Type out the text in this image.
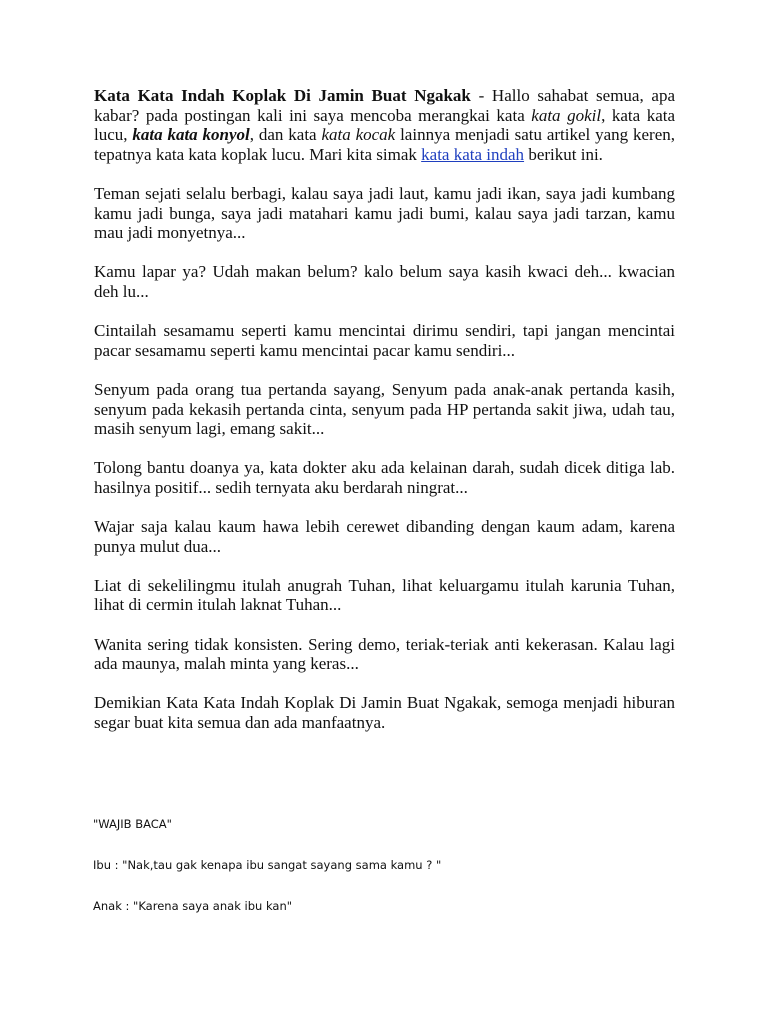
Kata Kata Indah Koplak Di Jamin Buat Ngakak - Hallo sahabat semua, apa kabar? pada postingan kali ini saya mencoba merangkai kata kata gokil, kata kata lucu, kata kata konyol, dan kata kata kocak lainnya menjadi satu artikel yang keren, tepatnya kata kata koplak lucu. Mari kita simak kata kata indah berikut ini.

Teman sejati selalu berbagi, kalau saya jadi laut, kamu jadi ikan, saya jadi kumbang kamu jadi bunga, saya jadi matahari kamu jadi bumi, kalau saya jadi tarzan, kamu mau jadi monyetnya...

Kamu lapar ya? Udah makan belum? kalo belum saya kasih kwaci deh... kwacian deh lu...

Cintailah sesamamu seperti kamu mencintai dirimu sendiri, tapi jangan mencintai pacar sesamamu seperti kamu mencintai pacar kamu sendiri...

Senyum pada orang tua pertanda sayang, Senyum pada anak-anak pertanda kasih, senyum pada kekasih pertanda cinta, senyum pada HP pertanda sakit jiwa, udah tau, masih senyum lagi, emang sakit...

Tolong bantu doanya ya, kata dokter aku ada kelainan darah, sudah dicek ditiga lab. hasilnya positif... sedih ternyata aku berdarah ningrat...

Wajar saja kalau kaum hawa lebih cerewet dibanding dengan kaum adam, karena punya mulut dua...

Liat di sekelilingmu itulah anugrah Tuhan, lihat keluargamu itulah karunia Tuhan, lihat di cermin itulah laknat Tuhan...

Wanita sering tidak konsisten. Sering demo, teriak-teriak anti kekerasan. Kalau lagi ada maunya, malah minta yang keras...

Demikian Kata Kata Indah Koplak Di Jamin Buat Ngakak, semoga menjadi hiburan segar buat kita semua dan ada manfaatnya.

"WAJIB BACA"
Ibu : "Nak,tau gak kenapa ibu sangat sayang sama kamu ? "
Anak : "Karena saya anak ibu kan"
